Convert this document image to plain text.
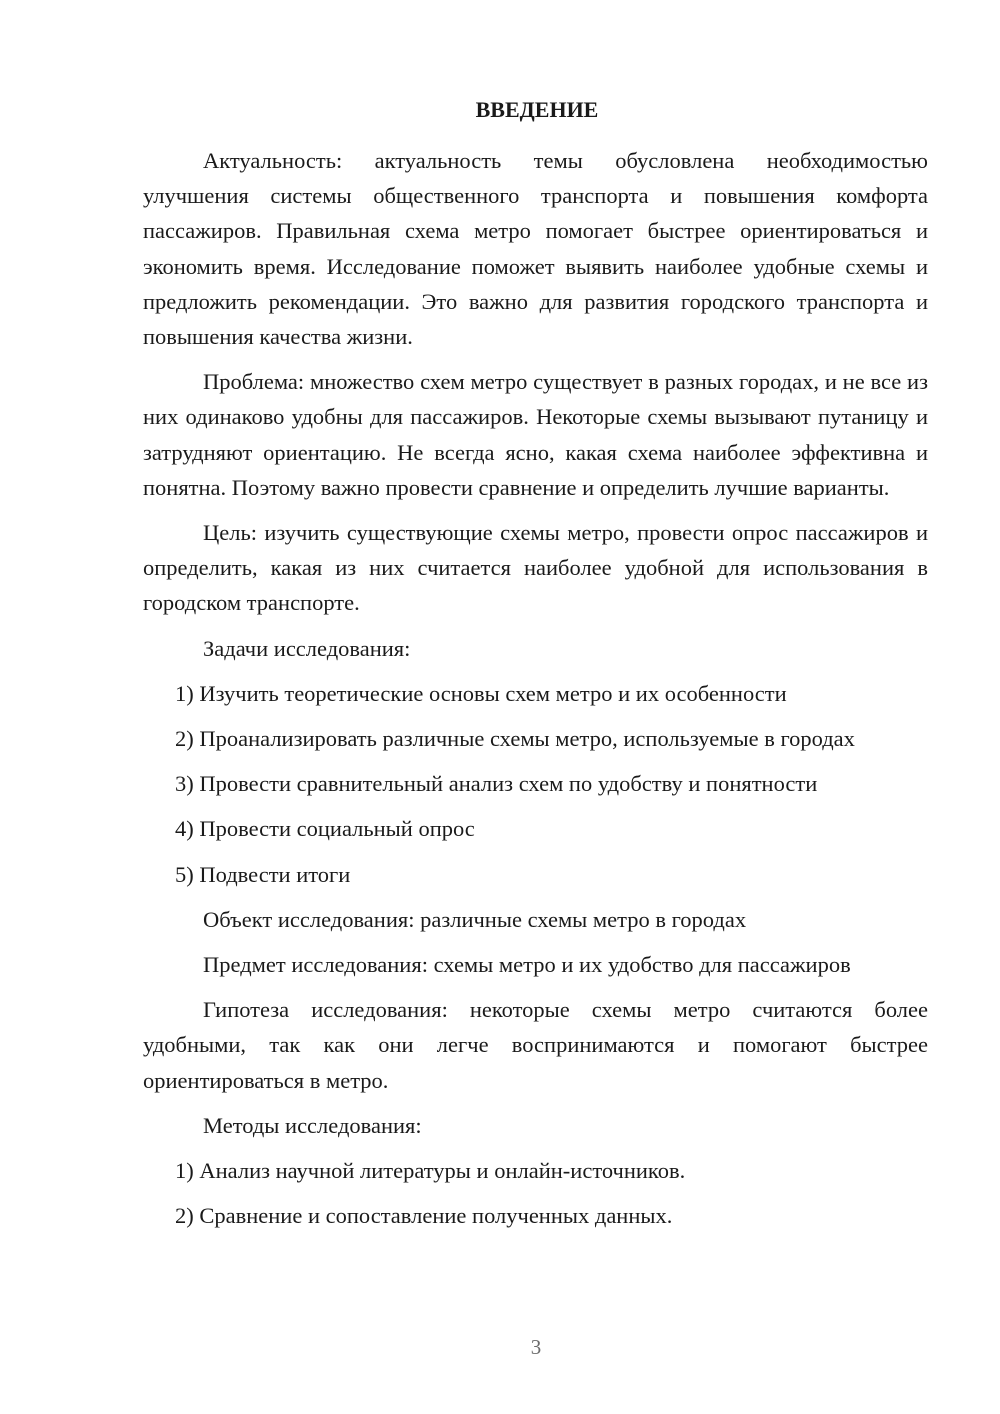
ВВЕДЕНИЕ

Актуальность: актуальность темы обусловлена необходимостью улучшения системы общественного транспорта и повышения комфорта пассажиров. Правильная схема метро помогает быстрее ориентироваться и экономить время. Исследование поможет выявить наиболее удобные схемы и предложить рекомендации. Это важно для развития городского транспорта и повышения качества жизни.

Проблема: множество схем метро существует в разных городах, и не все из них одинаково удобны для пассажиров. Некоторые схемы вызывают путаницу и затрудняют ориентацию. Не всегда ясно, какая схема наиболее эффективна и понятна. Поэтому важно провести сравнение и определить лучшие варианты.

Цель: изучить существующие схемы метро, провести опрос пассажиров и определить, какая из них считается наиболее удобной для использования в городском транспорте.

Задачи исследования:

1) Изучить теоретические основы схем метро и их особенности

2) Проанализировать различные схемы метро, используемые в городах

3) Провести сравнительный анализ схем по удобству и понятности

4) Провести социальный опрос

5) Подвести итоги

Объект исследования: различные схемы метро в городах

Предмет исследования: схемы метро и их удобство для пассажиров

Гипотеза исследования: некоторые схемы метро считаются более удобными, так как они легче воспринимаются и помогают быстрее ориентироваться в метро.

Методы исследования:

1) Анализ научной литературы и онлайн-источников.

2) Сравнение и сопоставление полученных данных.

3
